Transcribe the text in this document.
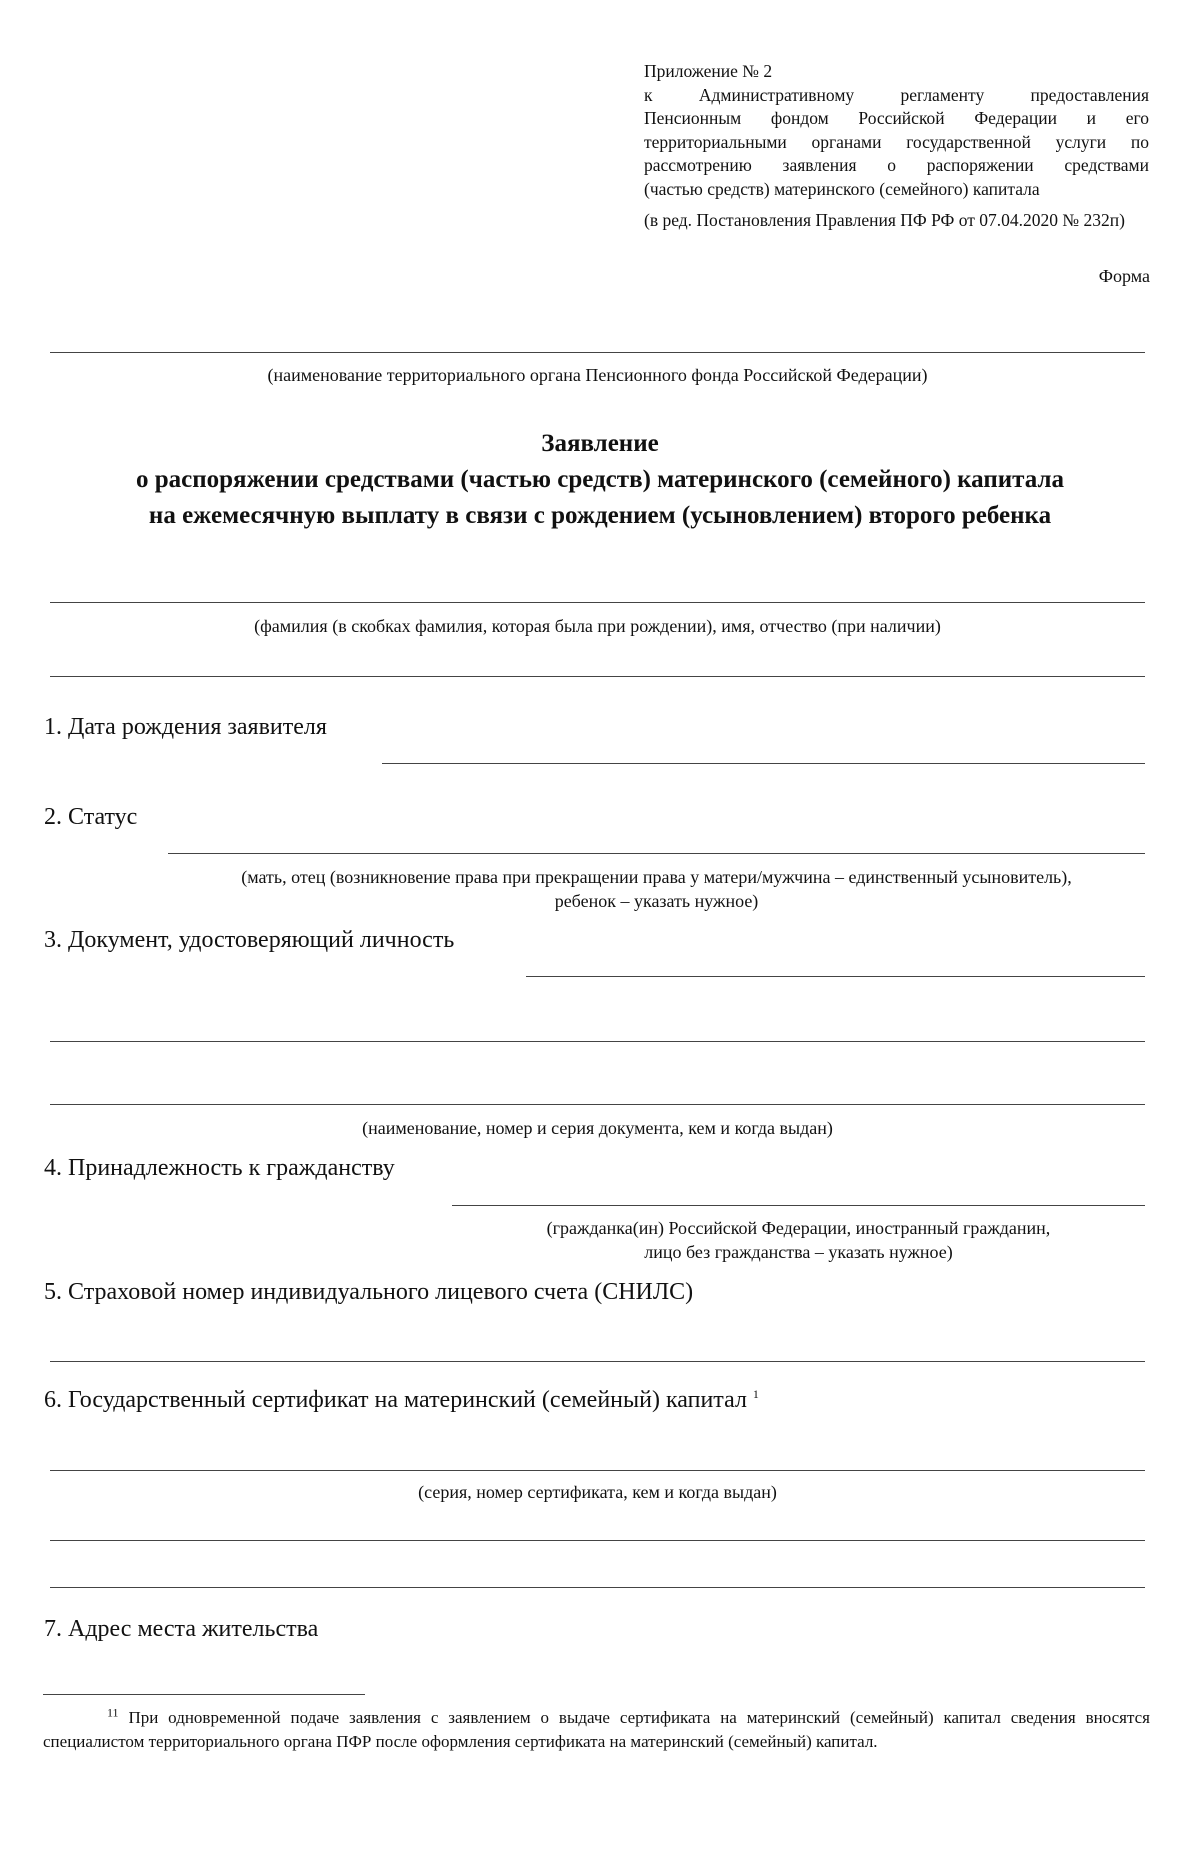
Приложение № 2
к Административному регламенту предоставления
Пенсионным фондом Российской Федерации и его
территориальными органами государственной услуги по
рассмотрению заявления о распоряжении средствами
(частью средств) материнского (семейного) капитала
(в ред. Постановления Правления ПФ РФ от 07.04.2020 № 232п)
Форма
(наименование территориального органа Пенсионного фонда Российской Федерации)
Заявление
о распоряжении средствами (частью средств) материнского (семейного) капитала
на ежемесячную выплату в связи с рождением (усыновлением) второго ребенка
(фамилия (в скобках фамилия, которая была при рождении), имя, отчество (при наличии)
1. Дата рождения заявителя
2. Статус
(мать, отец (возникновение права при прекращении права у матери/мужчина – единственный усыновитель),
ребенок – указать нужное)
3. Документ, удостоверяющий личность
(наименование, номер и серия документа, кем и когда выдан)
4. Принадлежность к гражданству
(гражданка(ин) Российской Федерации, иностранный гражданин,
лицо без гражданства – указать нужное)
5. Страховой номер индивидуального лицевого счета (СНИЛС)
6. Государственный сертификат на материнский (семейный) капитал $^1$
(серия, номер сертификата, кем и когда выдан)
7. Адрес места жительства
$^{11}$ При одновременной подаче заявления с заявлением о выдаче сертификата на материнский (семейный) капитал сведения вносятся специалистом территориального органа ПФР после оформления сертификата на материнский (семейный) капитал.
